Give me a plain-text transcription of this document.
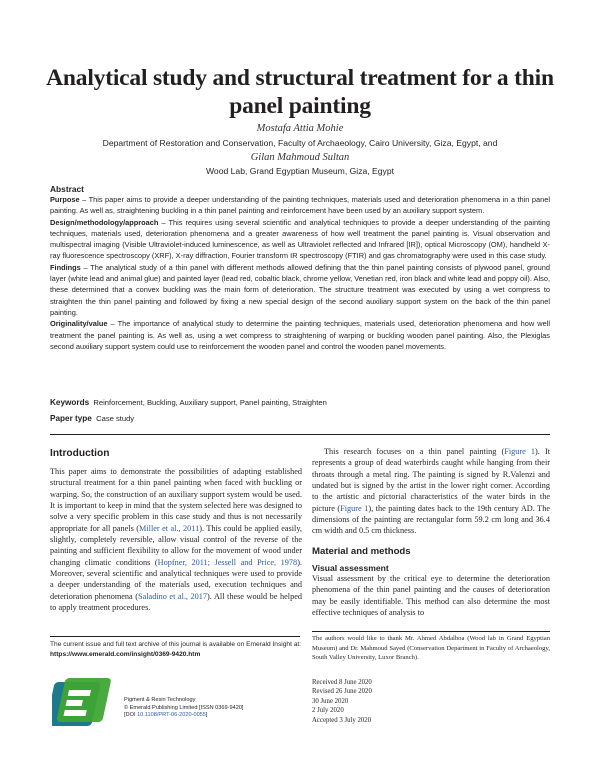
Analytical study and structural treatment for a thin panel painting
Mostafa Attia Mohie
Department of Restoration and Conservation, Faculty of Archaeology, Cairo University, Giza, Egypt, and
Gilan Mahmoud Sultan
Wood Lab, Grand Egyptian Museum, Giza, Egypt
Abstract
Purpose – This paper aims to provide a deeper understanding of the painting techniques, materials used and deterioration phenomena in a thin panel painting. As well as, straightening buckling in a thin panel painting and reinforcement have been used by an auxiliary support system.
Design/methodology/approach – This requires using several scientific and analytical techniques to provide a deeper understanding of the painting techniques, materials used, deterioration phenomena and a greater awareness of how well treatment the panel painting is. Visual observation and multispectral imaging (Visible Ultraviolet-induced luminescence, as well as Ultraviolet reflected and Infrared [IR]), optical Microscopy (OM), handheld X-ray fluorescence spectroscopy (XRF), X-ray diffraction, Fourier transform IR spectroscopy (FTIR) and gas chromatography were used in this case study.
Findings – The analytical study of a thin panel with different methods allowed defining that the thin panel painting consists of plywood panel, ground layer (white lead and animal glue) and painted layer (lead red, cobaltic black, chrome yellow, Venetian red, iron black and white lead and poppy oil). Also, these determined that a convex buckling was the main form of deterioration. The structure treatment was executed by using a wet compress to straighten the thin panel painting and followed by fixing a new special design of the second auxiliary support system on the back of the thin panel painting.
Originality/value – The importance of analytical study to determine the painting techniques, materials used, deterioration phenomena and how well treatment the panel painting is. As well as, using a wet compress to straightening of warping or buckling wooden panel painting. Also, the Plexiglas second auxiliary support system could use to reinforcement the wooden panel and control the wooden panel movements.
Keywords Reinforcement, Buckling, Auxiliary support, Panel painting, Straighten
Paper type Case study
Introduction
This paper aims to demonstrate the possibilities of adapting established structural treatment for a thin panel painting when faced with buckling or warping. So, the construction of an auxiliary support system would be used. It is important to keep in mind that the system selected here was designed to solve a very specific problem in this case study and thus is not necessarily appropriate for all panels (Miller et al., 2011). This could be applied easily, slightly, completely reversible, allow visual control of the reverse of the painting and sufficient flexibility to allow for the movement of wood under changing climatic conditions (Hopfner, 2011; Jessell and Price, 1978). Moreover, several scientific and analytical techniques were used to provide a deeper understanding of the materials used, execution techniques and deterioration phenomena (Saladino et al., 2017). All these would be helped to apply treatment procedures.
This research focuses on a thin panel painting (Figure 1). It represents a group of dead waterbirds caught while hanging from their throats through a metal ring. The painting is signed by R.Valenzi and undated but is signed by the artist in the lower right corner. According to the artistic and pictorial characteristics of the water birds in the picture (Figure 1), the painting dates back to the 19th century AD. The dimensions of the painting are rectangular form 59.2 cm long and 36.4 cm width and 0.5 cm thickness.
Material and methods
Visual assessment
Visual assessment by the critical eye to determine the deterioration phenomena of the thin panel painting and the causes of deterioration may be easily identifiable. This method can also determine the most effective techniques of analysis to
The current issue and full text archive of this journal is available on Emerald Insight at: https://www.emerald.com/insight/0369-9420.htm
The authors would like to thank Mr. Ahmed Abdalboa (Wood lab in Grand Egyptian Museum) and Dr. Mahmoud Sayed (Conservation Department in Faculty of Archaeology, South Valley University, Luxor Branch).
Received 8 June 2020
Revised 26 June 2020
30 June 2020
2 July 2020
Accepted 3 July 2020
Pigment & Resin Technology
© Emerald Publishing Limited [ISSN 0369-9420]
[DOI 10.1108/PRT-06-2020-0055]
